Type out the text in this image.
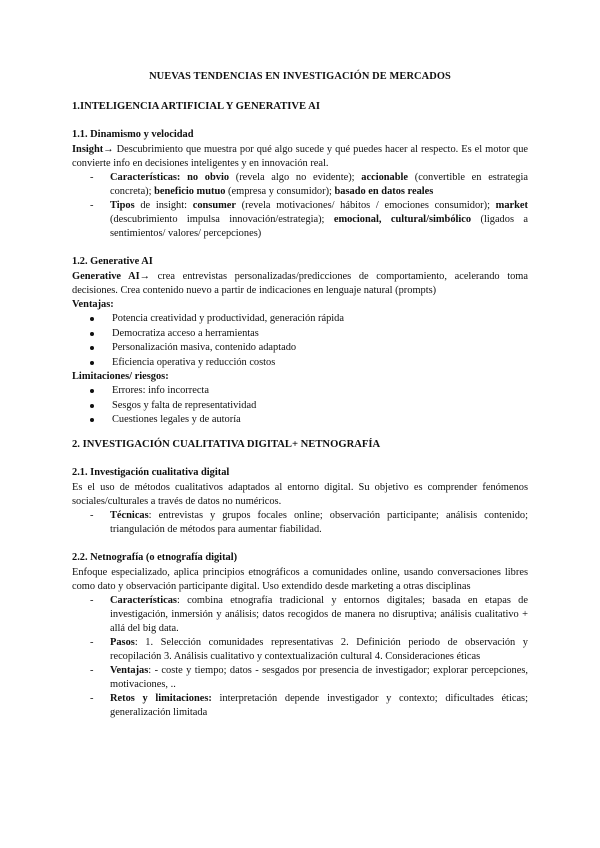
NUEVAS TENDENCIAS EN INVESTIGACIÓN DE MERCADOS
1.INTELIGENCIA ARTIFICIAL Y GENERATIVE AI
1.1. Dinamismo y velocidad

Insight→ Descubrimiento que muestra por qué algo sucede y qué puedes hacer al respecto. Es el motor que convierte info en decisiones inteligentes y en innovación real.

- Características: no obvio (revela algo no evidente); accionable (convertible en estrategia concreta); beneficio mutuo (empresa y consumidor); basado en datos reales
- Tipos de insight: consumer (revela motivaciones/ hábitos / emociones consumidor); market (descubrimiento impulsa innovación/estrategia); emocional, cultural/simbólico (ligados a sentimientos/ valores/ percepciones)
1.2. Generative AI

Generative AI→ crea entrevistas personalizadas/predicciones de comportamiento, acelerando toma decisiones. Crea contenido nuevo a partir de indicaciones en lenguaje natural (prompts)

Ventajas:

Potencia creatividad y productividad, generación rápida
Democratiza acceso a herramientas
Personalización masiva, contenido adaptado
Eficiencia operativa y reducción costos

Limitaciones/ riesgos:

Errores: info incorrecta
Sesgos y falta de representatividad
Cuestiones legales y de autoría
2. INVESTIGACIÓN CUALITATIVA DIGITAL+ NETNOGRAFÍA
2.1. Investigación cualitativa digital

Es el uso de métodos cualitativos adaptados al entorno digital. Su objetivo es comprender fenómenos sociales/culturales a través de datos no numéricos.

- Técnicas: entrevistas y grupos focales online; observación participante; análisis contenido; triangulación de métodos para aumentar fiabilidad.
2.2. Netnografía (o etnografía digital)

Enfoque especializado, aplica principios etnográficos a comunidades online, usando conversaciones libres como dato y observación participante digital. Uso extendido desde marketing a otras disciplinas

- Características: combina etnografía tradicional y entornos digitales; basada en etapas de investigación, inmersión y análisis; datos recogidos de manera no disruptiva; análisis cualitativo + allá del big data.
- Pasos: 1. Selección comunidades representativas 2. Definición periodo de observación y recopilación 3. Análisis cualitativo y contextualización cultural 4. Consideraciones éticas
- Ventajas: - coste y tiempo; datos - sesgados por presencia de investigador; explorar percepciones, motivaciones, ..
- Retos y limitaciones: interpretación depende investigador y contexto; dificultades éticas; generalización limitada
